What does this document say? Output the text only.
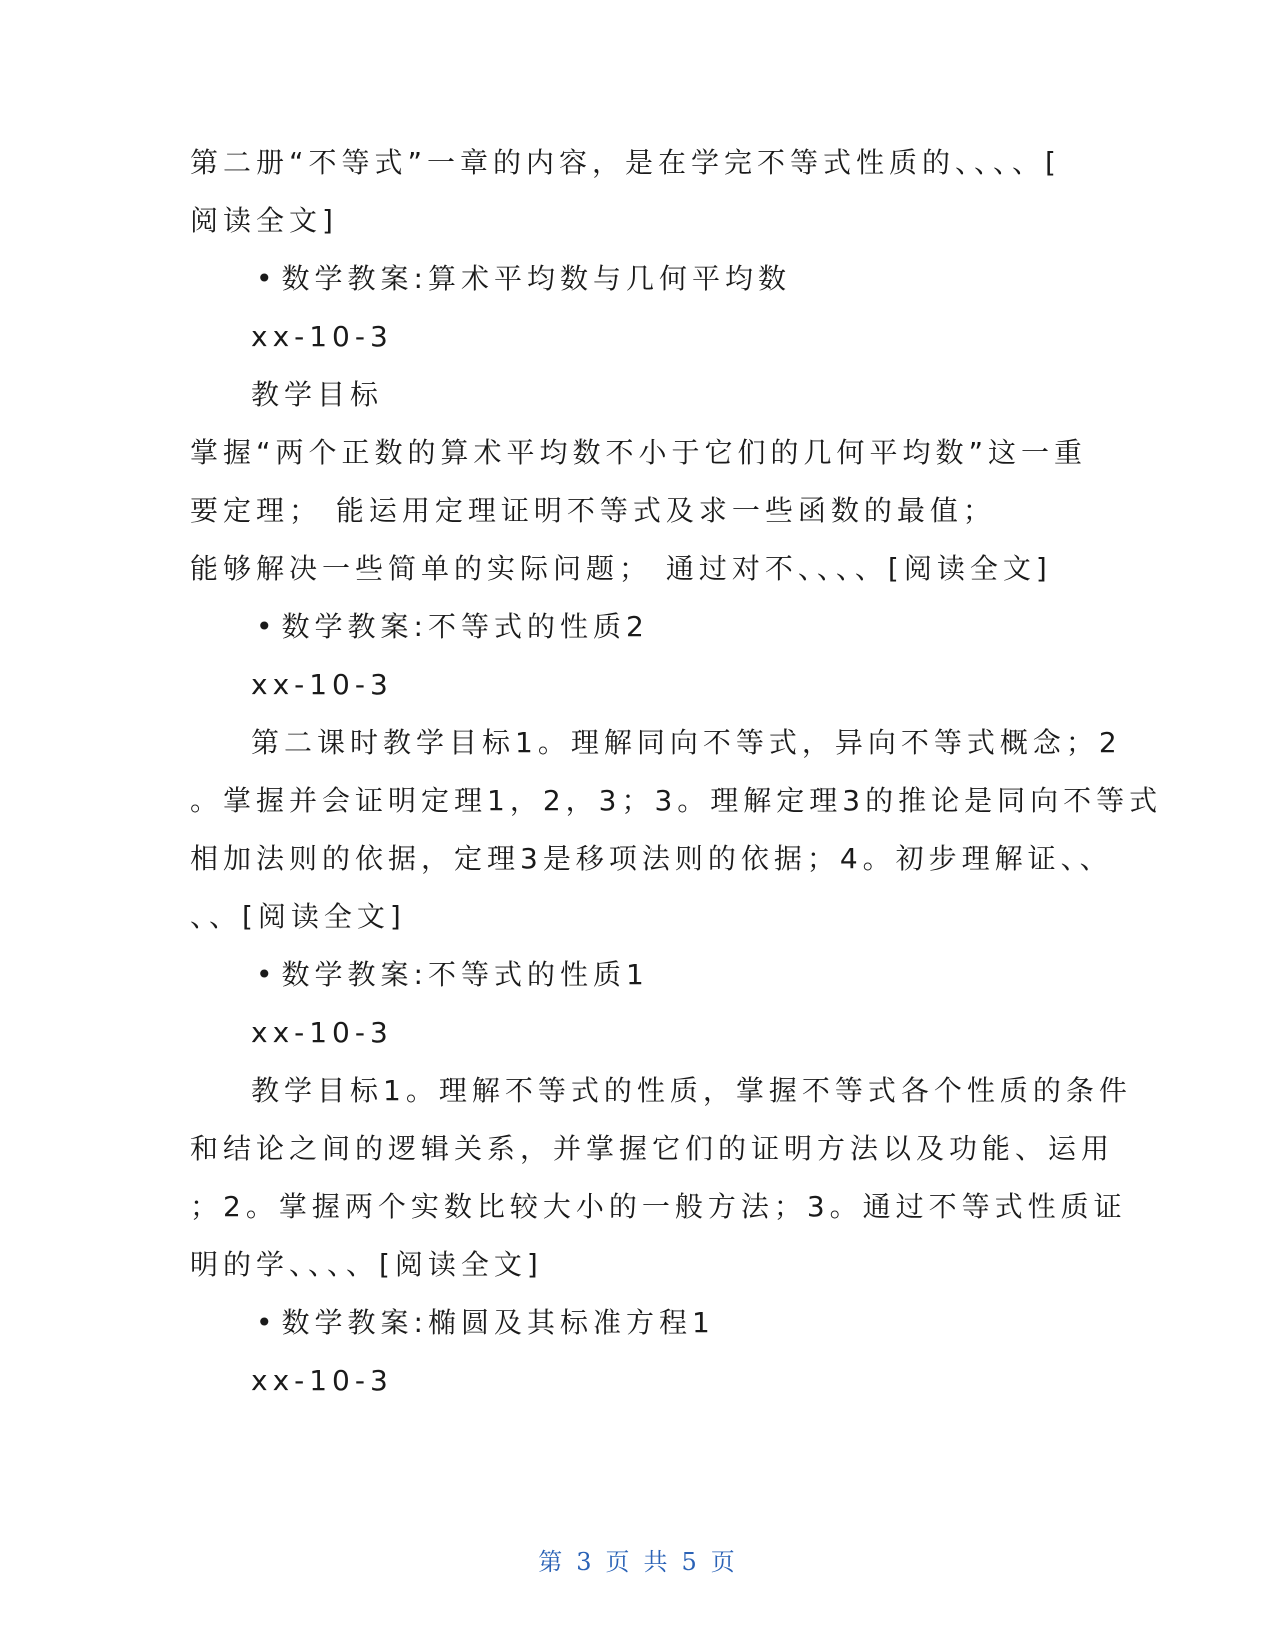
第二册“不等式”一章的内容，是在学完不等式性质的、、、、[
阅读全文]
• 数学教案:算术平均数与几何平均数
xx-10-3
教学目标
掌握“两个正数的算术平均数不小于它们的几何平均数”这一重
要定理； 能运用定理证明不等式及求一些函数的最值；
能够解决一些简单的实际问题； 通过对不、、、、[阅读全文]
• 数学教案:不等式的性质2
xx-10-3
第二课时教学目标1。理解同向不等式，异向不等式概念；2
。掌握并会证明定理1，2，3；3。理解定理3的推论是同向不等式
相加法则的依据，定理3是移项法则的依据；4。初步理解证、、
、、[阅读全文]
• 数学教案:不等式的性质1
xx-10-3
教学目标1。理解不等式的性质，掌握不等式各个性质的条件
和结论之间的逻辑关系，并掌握它们的证明方法以及功能、运用
；2。掌握两个实数比较大小的一般方法；3。通过不等式性质证
明的学、、、、[阅读全文]
• 数学教案:椭圆及其标准方程1
xx-10-3
第 3 页 共 5 页
